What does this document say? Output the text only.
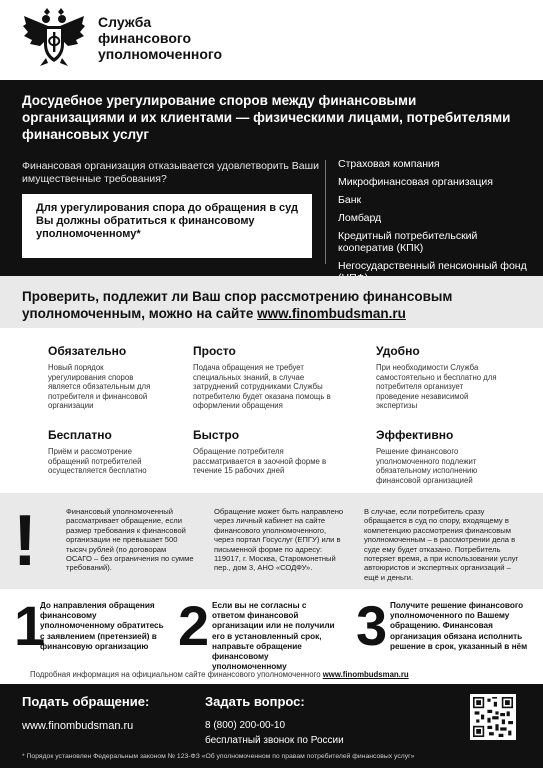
Служба
финансового
уполномоченного
Досудебное урегулирование споров между финансовыми организациями и их клиентами — физическими лицами, потребителями финансовых услуг
Финансовая организация отказывается удовлетворить Ваши имущественные требования?
Для урегулирования спора до обращения в суд Вы должны обратиться к финансовому уполномоченному*
Страховая компания
Микрофинансовая организация
Банк
Ломбард
Кредитный потребительский кооператив (КПК)
Негосударственный пенсионный фонд
Проверить, подлежит ли Ваш спор рассмотрению финансовым уполномоченным, можно на сайте www.finombudsman.ru
Обязательно
Новый порядок урегулирования споров является обязательным для потребителя и финансовой организации
Просто
Подача обращения не требует специальных знаний, в случае затруднений сотрудниками Службы потребителю будет оказана помощь в оформлении обращения
Удобно
При необходимости Служба самостоятельно и бесплатно для потребителя организует проведение независимой экспертизы
Бесплатно
Приём и рассмотрение обращений потребителей осуществляется бесплатно
Быстро
Обращение потребителя рассматривается в заочной форме в течение 15 рабочих дней
Эффективно
Решение финансового уполномоченного подлежит обязательному исполнению финансовой организацией
!	Финансовый уполномоченный рассматривает обращение, если размер требования к финансовой организации не превышает 500 тысяч рублей (по договорам ОСАГО – без ограничения по сумме требований).
Обращение может быть направлено через личный кабинет на сайте финансового уполномоченного, через портал Госуслуг (ЕПГУ) или в письменной форме по адресу: 119017, г. Москва, Старомонетный пер., дом 3, АНО «СОДФУ».
В случае, если потребитель сразу обращается в суд по спору, входящему в компетенцию рассмотрения финансовым уполномоченным – в рассмотрении дела в суде ему будет отказано. Потребитель потеряет время, а при использовании услуг автоюристов и экспертных организаций – ещё и деньги.
1
До направления обращения финансовому уполномоченному обратитесь с заявлением (претензией) в финансовую организацию 2 Если вы не согласны с ответом финансовой организации или не получили его в установленный срок, направьте обращение финансовому уполномоченному
3 Получите решение финансового уполномоченного по Вашему обращению. Финансовая организация обязана исполнить решение в срок, указанный в нём
Подробная информация на официальном сайте финансового уполномоченного www.finombudsman.ru
Подать обращение:
www.finombudsman.ru
Задать вопрос:
8 (800) 200-00-10
бесплатный звонок по России
* Порядок установлен Федеральным законом № 123-ФЗ «Об уполномоченном по правам потребителей финансовых услуг»
